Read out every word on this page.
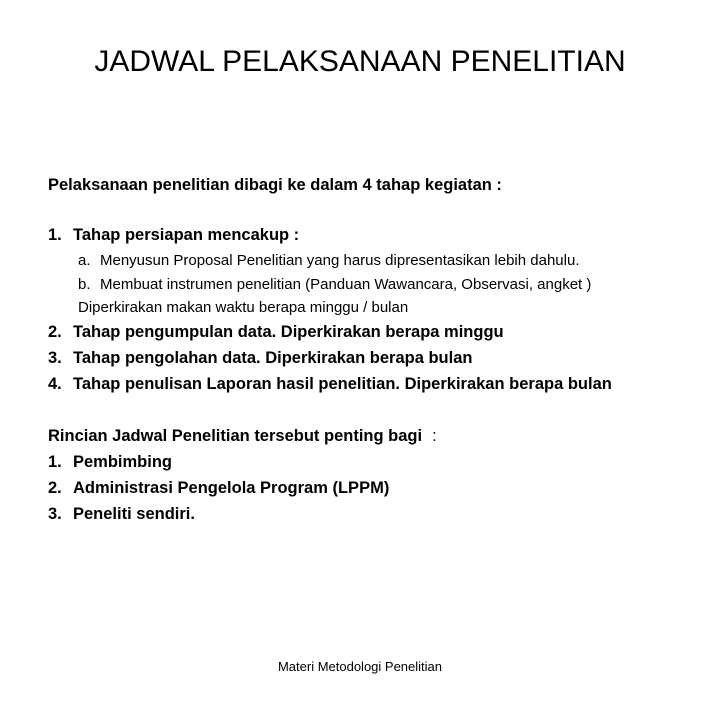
JADWAL PELAKSANAAN PENELITIAN
Pelaksanaan penelitian dibagi ke dalam 4 tahap kegiatan :
1. Tahap persiapan mencakup :
a. Menyusun Proposal Penelitian yang harus dipresentasikan lebih dahulu.
b. Membuat instrumen penelitian (Panduan Wawancara, Observasi, angket )
Diperkirakan makan waktu berapa minggu / bulan
2. Tahap pengumpulan data. Diperkirakan berapa minggu
3. Tahap pengolahan data. Diperkirakan berapa bulan
4. Tahap penulisan Laporan hasil penelitian. Diperkirakan berapa bulan
Rincian Jadwal Penelitian tersebut penting bagi :
1. Pembimbing
2. Administrasi Pengelola Program (LPPM)
3. Peneliti sendiri.
Materi Metodologi Penelitian
